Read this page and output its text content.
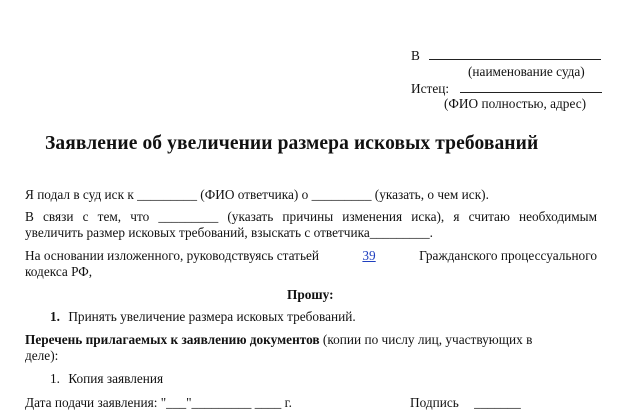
В
(наименование суда)
Истец:
(ФИО полностью, адрес)
Заявление об увеличении размера исковых требований
Я подал в суд иск к _________ (ФИО ответчика) о _________ (указать, о чем иск).
В связи с тем, что _________ (указать причины изменения иска), я считаю необходимым
увеличить размер исковых требований, взыскать с ответчика_________.
На основании изложенного, руководствуясь статьей	39	Гражданского процессуального
кодекса РФ,
Прошу:
1. Принять увеличение размера исковых требований.
Перечень прилагаемых к заявлению документов (копии по числу лиц, участвующих в
деле):
1. Копия заявления
Дата подачи заявления: "___"_________ ____ г.	Подпись _______
